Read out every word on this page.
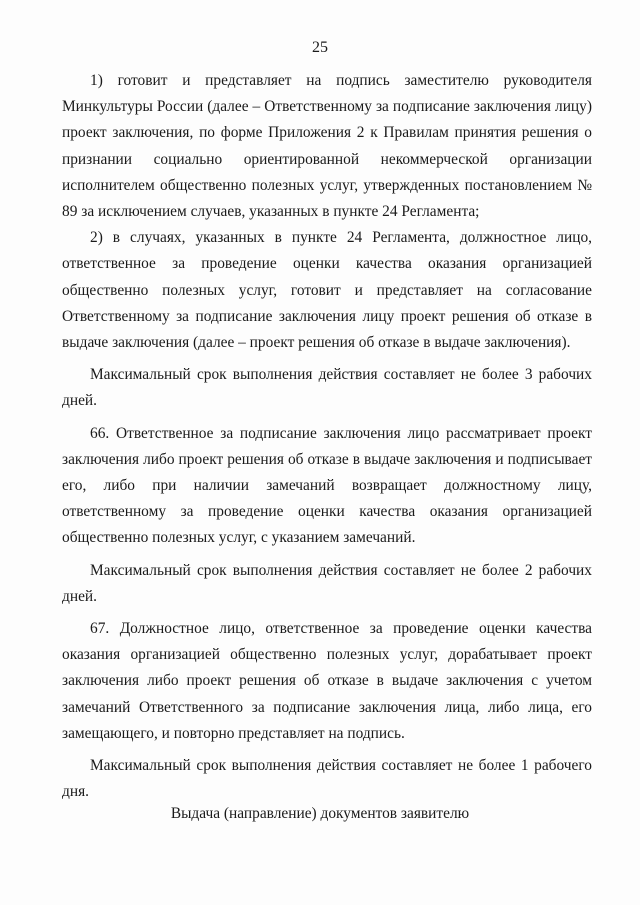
25

1) готовит и представляет на подпись заместителю руководителя Минкультуры России (далее – Ответственному за подписание заключения лицу) проект заключения, по форме Приложения 2 к Правилам принятия решения о признании социально ориентированной некоммерческой организации исполнителем общественно полезных услуг, утвержденных постановлением № 89 за исключением случаев, указанных в пункте 24 Регламента;

2) в случаях, указанных в пункте 24 Регламента, должностное лицо, ответственное за проведение оценки качества оказания организацией общественно полезных услуг, готовит и представляет на согласование Ответственному за подписание заключения лицу проект решения об отказе в выдаче заключения (далее – проект решения об отказе в выдаче заключения).

Максимальный срок выполнения действия составляет не более 3 рабочих дней.

66. Ответственное за подписание заключения лицо рассматривает проект заключения либо проект решения об отказе в выдаче заключения и подписывает его, либо при наличии замечаний возвращает должностному лицу, ответственному за проведение оценки качества оказания организацией общественно полезных услуг, с указанием замечаний.

Максимальный срок выполнения действия составляет не более 2 рабочих дней.

67. Должностное лицо, ответственное за проведение оценки качества оказания организацией общественно полезных услуг, дорабатывает проект заключения либо проект решения об отказе в выдаче заключения с учетом замечаний Ответственного за подписание заключения лица, либо лица, его замещающего, и повторно представляет на подпись.

Максимальный срок выполнения действия составляет не более 1 рабочего дня.

Выдача (направление) документов заявителю
